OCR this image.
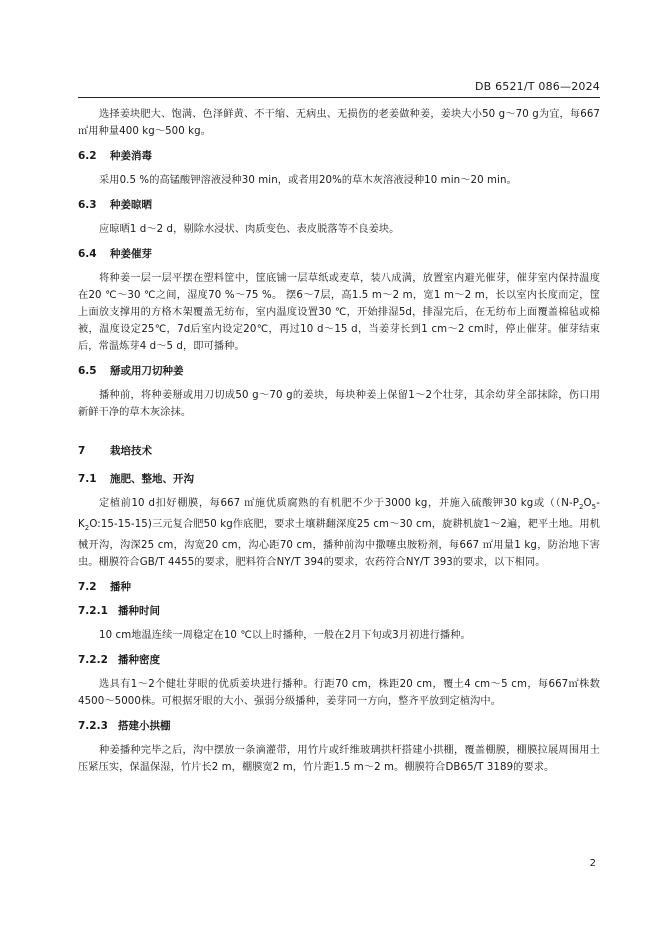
DB 6521/T 086—2024

选择姜块肥大、饱满、色泽鲜黄、不干缩、无病虫、无损伤的老姜做种姜，姜块大小50 g～70 g为宜，每667 ㎡用种量400 kg～500 kg。

6.2 种姜消毒

采用0.5 %的高锰酸钾溶液浸种30 min，或者用20%的草木灰溶液浸种10 min～20 min。

6.3 种姜晾晒

应晾晒1 d～2 d，剔除水浸状、肉质变色、表皮脱落等不良姜块。

6.4 种姜催芽

将种姜一层一层平摆在塑料筐中，筐底铺一层草纸或麦草，装八成满，放置室内避光催芽，催芽室内保持温度在20 ℃～30 ℃之间，湿度70 %～75 %。 摆6～7层，高1.5 m～2 m，宽1 m～2 m，长以室内长度而定，筐上面放支撑用的方格木架覆盖无纺布，室内温度设置30 ℃，开始排湿5d，排湿完后，在无纺布上面覆盖棉毡或棉被，温度设定25℃，7d后室内设定20℃，再过10 d～15 d，当姜芽长到1 cm～2 cm时，停止催芽。催芽结束后，常温炼芽4 d～5 d，即可播种。

6.5 掰或用刀切种姜

播种前，将种姜掰或用刀切成50 g～70 g的姜块，每块种姜上保留1～2个壮芽，其余幼芽全部抹除，伤口用新鲜干净的草木灰涂抹。

7 栽培技术
7.1 施肥、整地、开沟

定植前10 d扣好棚膜，每667 ㎡施优质腐熟的有机肥不少于3000 kg，并施入硫酸钾30 kg或（$(N-P_2O_5-K_2O:15-15-15)$三元复合肥50 kg作底肥，要求土壤耕翻深度25 cm～30 cm，旋耕机旋1～2遍，耙平土地。用机械开沟，沟深25 cm，沟宽20 cm，沟心距70 cm，播种前沟中撒噻虫胺粉剂，每667 ㎡用量1 kg，防治地下害虫。棚膜符合GB/T 4455的要求，肥料符合NY/T 394的要求，农药符合NY/T 393的要求，以下相同。

7.2 播种
7.2.1 播种时间

10 cm地温连续一周稳定在10 ℃以上时播种，一般在2月下旬或3月初进行播种。

7.2.2 播种密度

选具有1～2个健壮芽眼的优质姜块进行播种。行距70 cm，株距20 cm，覆土4 cm～5 cm，每667㎡株数4500～5000株。可根据牙眼的大小、强弱分级播种，姜芽同一方向，整齐平放到定植沟中。

7.2.3 搭建小拱棚

种姜播种完毕之后，沟中摆放一条滴灌带，用竹片或纤维玻璃拱杆搭建小拱棚，覆盖棚膜，棚膜拉展周围用土压紧压实，保温保湿，竹片长2 m，棚膜宽2 m，竹片距1.5 m～2 m。棚膜符合DB65/T 3189的要求。

2
